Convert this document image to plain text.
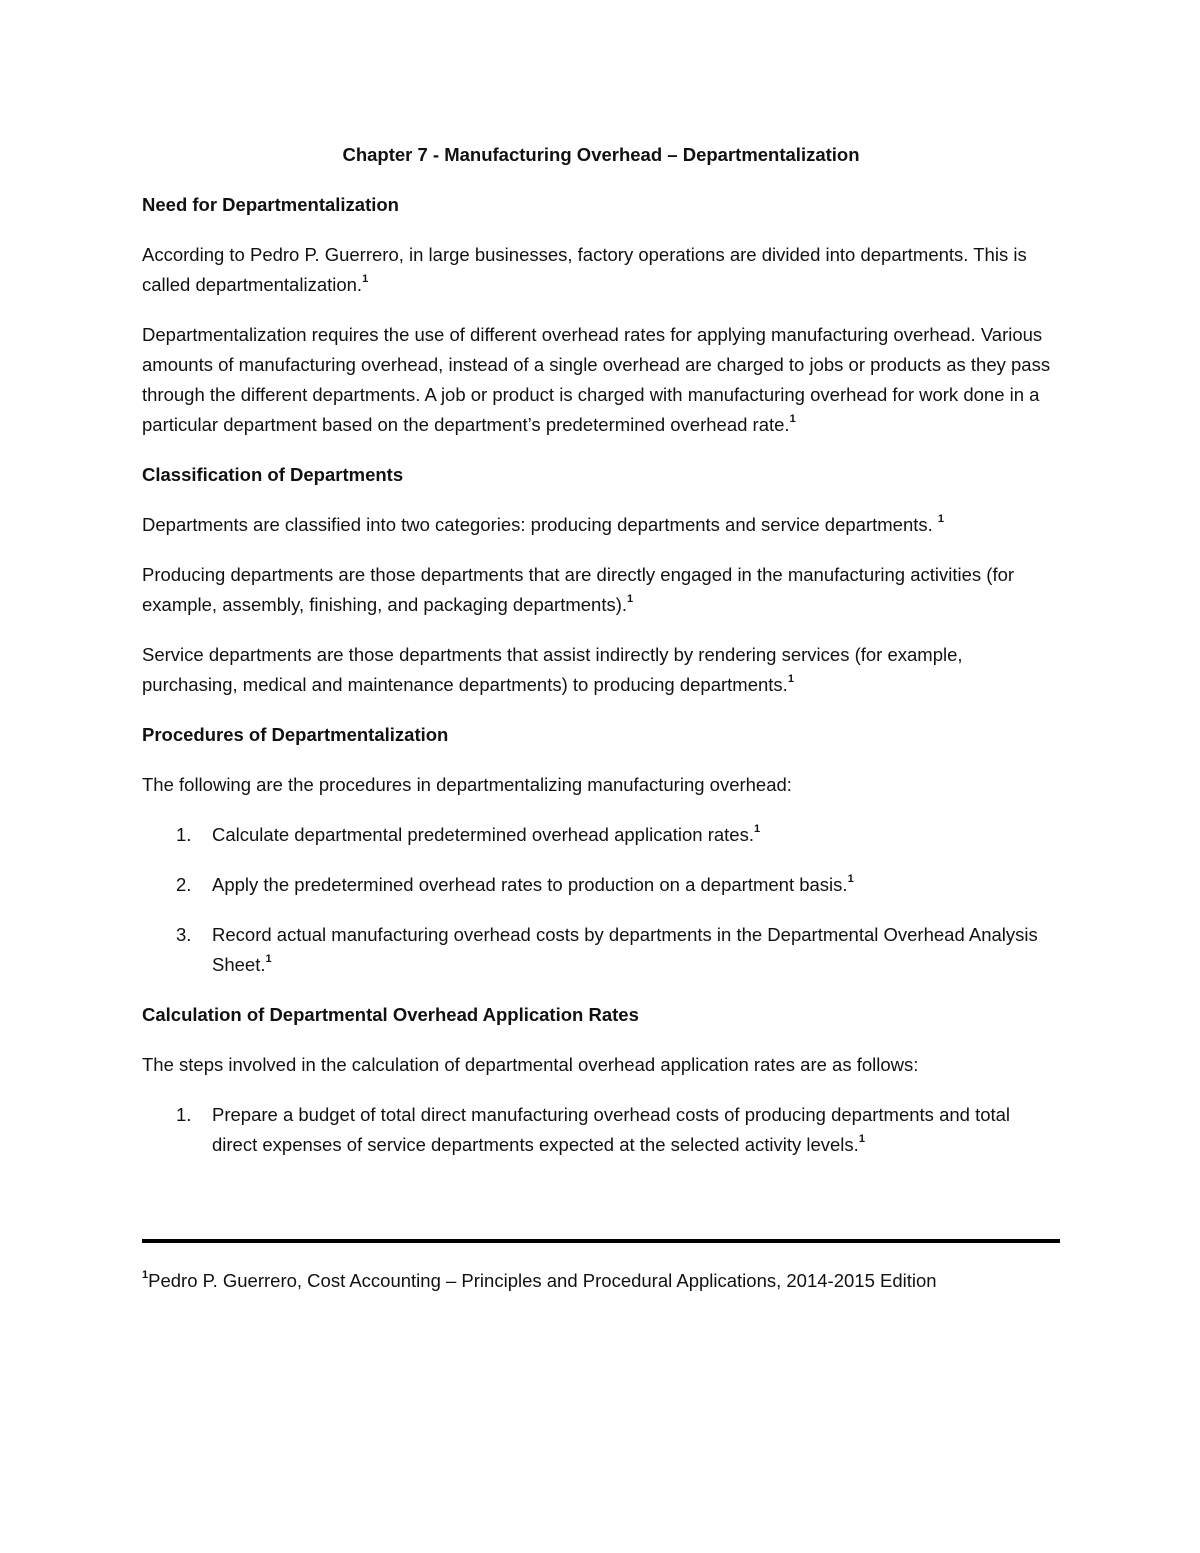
Chapter 7 - Manufacturing Overhead – Departmentalization
Need for Departmentalization
According to Pedro P. Guerrero, in large businesses, factory operations are divided into departments. This is called departmentalization.$^1$
Departmentalization requires the use of different overhead rates for applying manufacturing overhead. Various amounts of manufacturing overhead, instead of a single overhead are charged to jobs or products as they pass through the different departments. A job or product is charged with manufacturing overhead for work done in a particular department based on the department’s predetermined overhead rate.$^1$
Classification of Departments
Departments are classified into two categories: producing departments and service departments. $^1$
Producing departments are those departments that are directly engaged in the manufacturing activities (for example, assembly, finishing, and packaging departments).$^1$
Service departments are those departments that assist indirectly by rendering services (for example, purchasing, medical and maintenance departments) to producing departments.$^1$
Procedures of Departmentalization
The following are the procedures in departmentalizing manufacturing overhead:
1.	Calculate departmental predetermined overhead application rates.$^1$
2.	Apply the predetermined overhead rates to production on a department basis.$^1$
3.	Record actual manufacturing overhead costs by departments in the Departmental Overhead Analysis Sheet.$^1$
Calculation of Departmental Overhead Application Rates
The steps involved in the calculation of departmental overhead application rates are as follows:
1.	Prepare a budget of total direct manufacturing overhead costs of producing departments and total direct expenses of service departments expected at the selected activity levels.$^1$
$^1$Pedro P. Guerrero, Cost Accounting – Principles and Procedural Applications, 2014-2015 Edition
